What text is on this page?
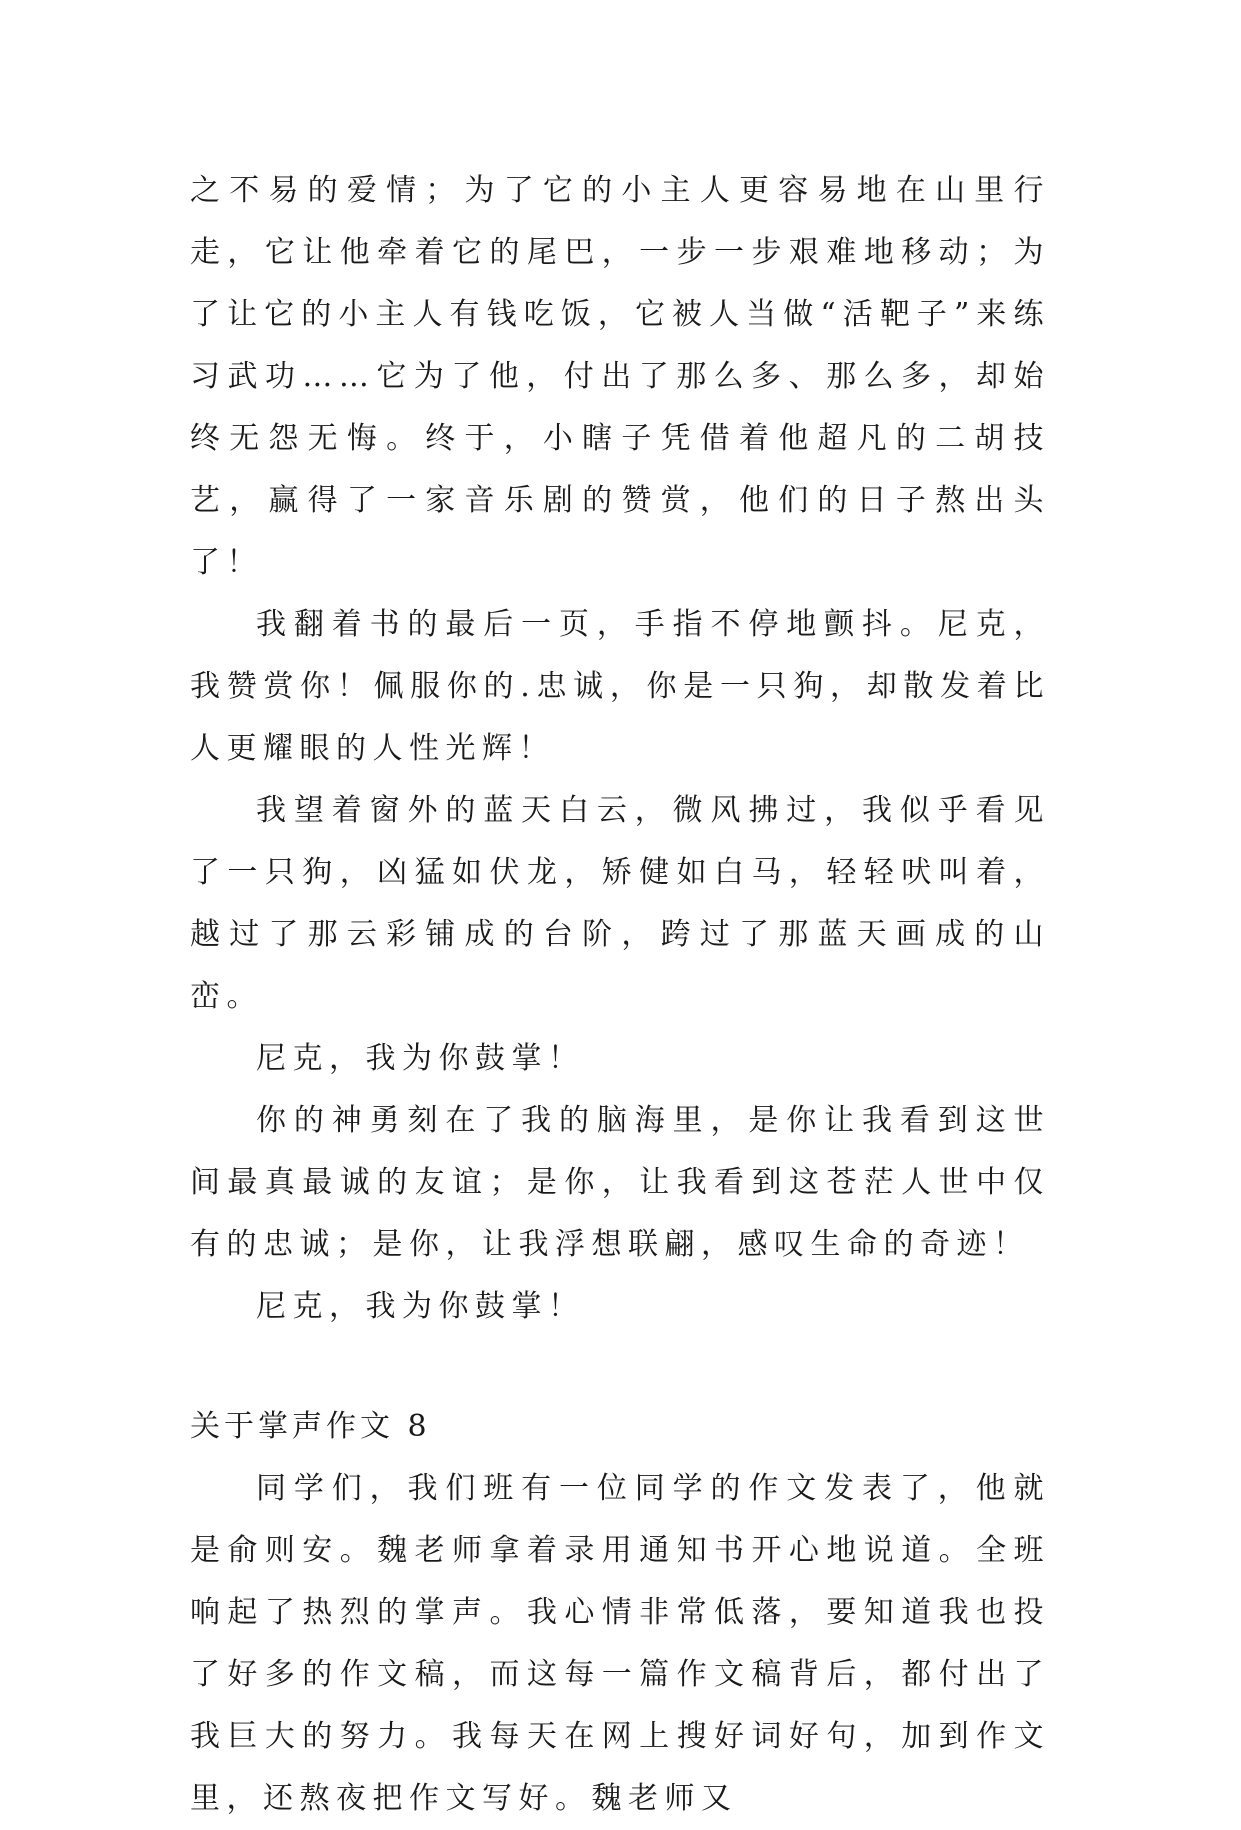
之不易的爱情；为了它的小主人更容易地在山里行走，它让他牵着它的尾巴，一步一步艰难地移动；为了让它的小主人有钱吃饭，它被人当做“活靶子”来练习武功……它为了他，付出了那么多、那么多，却始终无怨无悔。终于，小瞎子凭借着他超凡的二胡技艺，赢得了一家音乐剧的赞赏，他们的日子熬出头了！

我翻着书的最后一页，手指不停地颤抖。尼克，我赞赏你！佩服你的.忠诚，你是一只狗，却散发着比人更耀眼的人性光辉！

我望着窗外的蓝天白云，微风拂过，我似乎看见了一只狗，凶猛如伏龙，矫健如白马，轻轻吠叫着，越过了那云彩铺成的台阶，跨过了那蓝天画成的山峦。

尼克，我为你鼓掌！

你的神勇刻在了我的脑海里，是你让我看到这世间最真最诚的友谊；是你，让我看到这苍茫人世中仅有的忠诚；是你，让我浮想联翩，感叹生命的奇迹！

尼克，我为你鼓掌！

关于掌声作文 8

同学们，我们班有一位同学的作文发表了，他就是俞则安。魏老师拿着录用通知书开心地说道。全班响起了热烈的掌声。我心情非常低落，要知道我也投了好多的作文稿，而这每一篇作文稿背后，都付出了我巨大的努力。我每天在网上搜好词好句，加到作文里，还熬夜把作文写好。魏老师又
